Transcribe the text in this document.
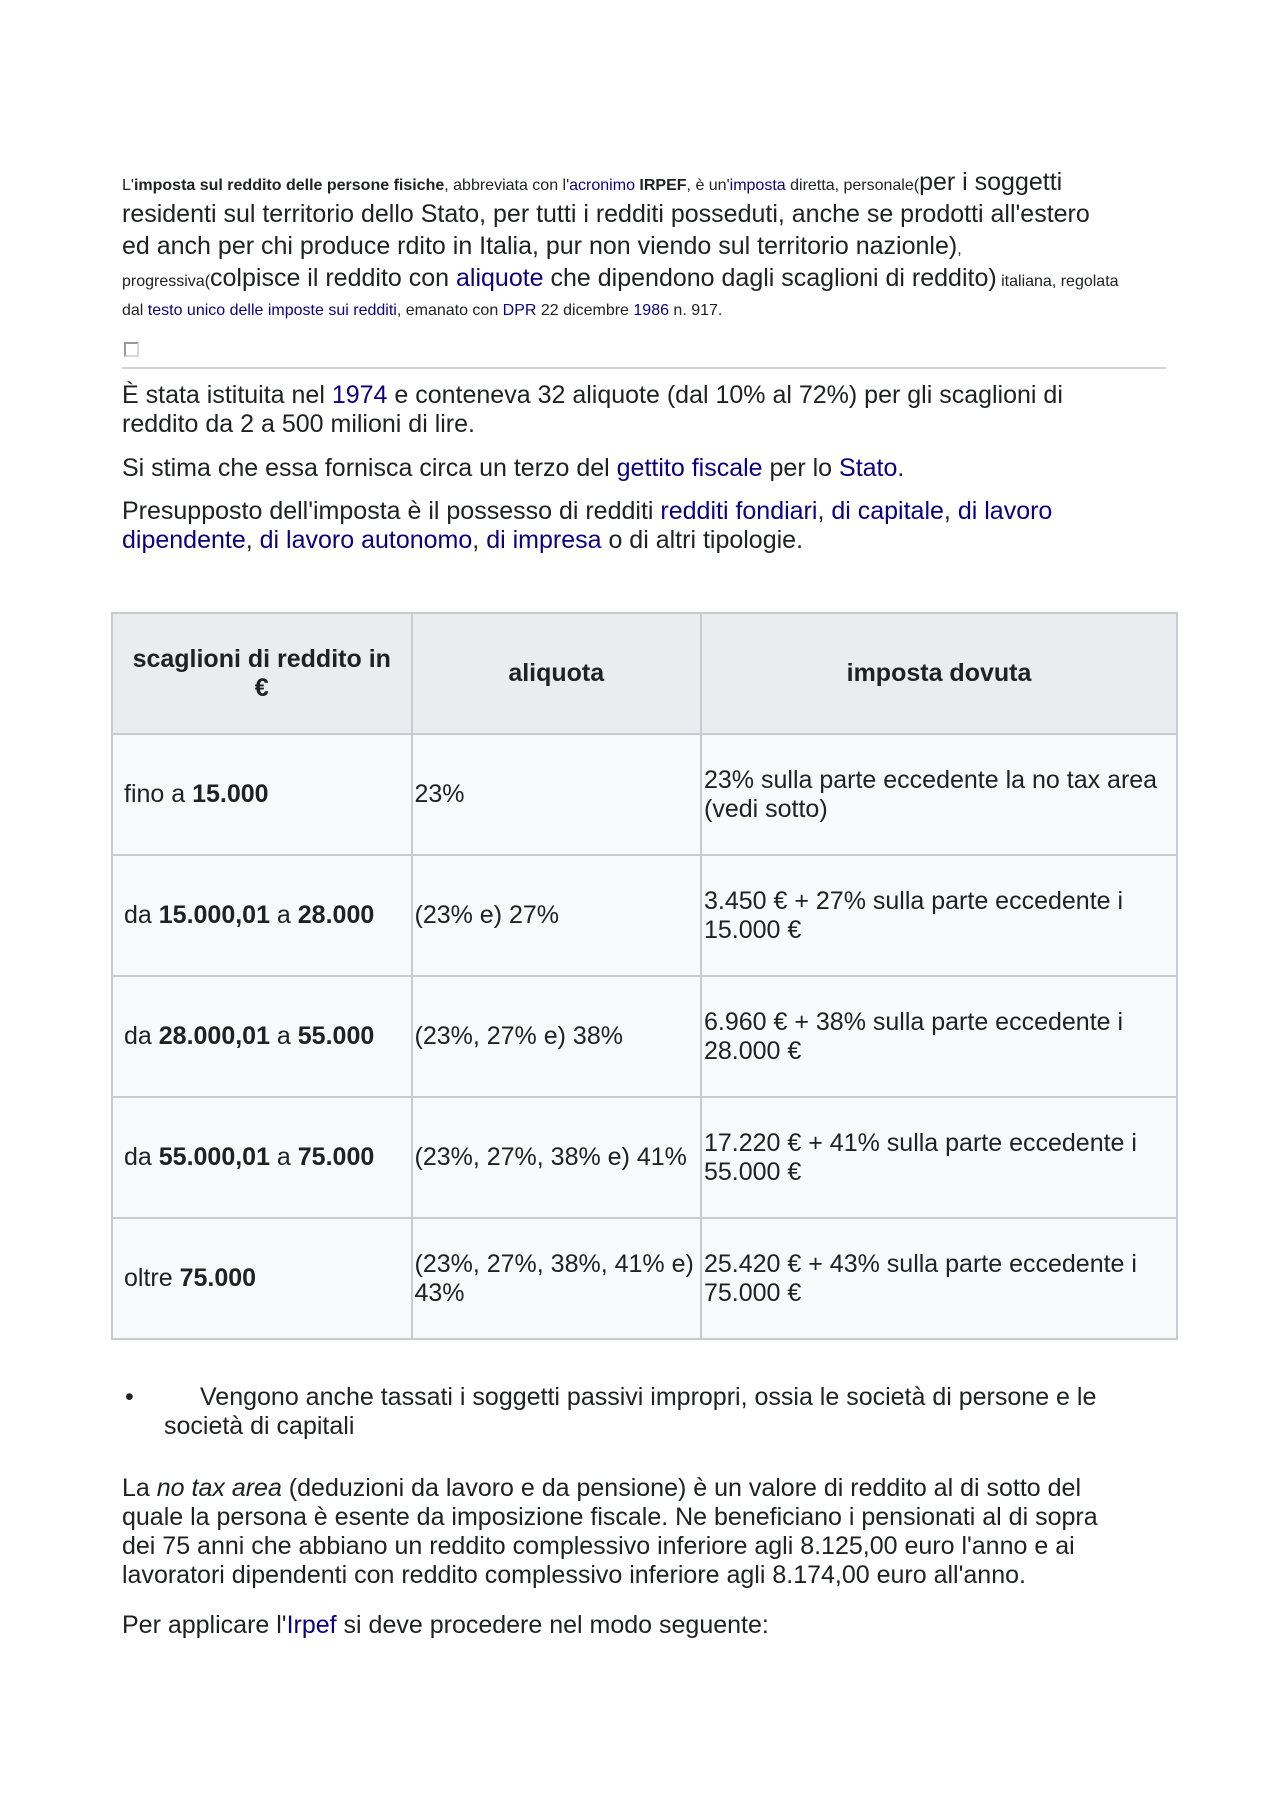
L'imposta sul reddito delle persone fisiche, abbreviata con l'acronimo IRPEF, è un'imposta diretta, personale(per i soggetti residenti sul territorio dello Stato, per tutti i redditi posseduti, anche se prodotti all'estero ed anch per chi produce rdito in Italia, pur non viendo sul territorio nazionle), progressiva(colpisce il reddito con aliquote che dipendono dagli scaglioni di reddito) italiana, regolata dal testo unico delle imposte sui redditi, emanato con DPR 22 dicembre 1986 n. 917.

È stata istituita nel 1974 e conteneva 32 aliquote (dal 10% al 72%) per gli scaglioni di reddito da 2 a 500 milioni di lire.

Si stima che essa fornisca circa un terzo del gettito fiscale per lo Stato.

Presupposto dell'imposta è il possesso di redditi redditi fondiari, di capitale, di lavoro dipendente, di lavoro autonomo, di impresa o di altri tipologie.

scaglioni di reddito in €	aliquota	imposta dovuta
fino a 15.000	23%	23% sulla parte eccedente la no tax area (vedi sotto)
da 15.000,01 a 28.000	(23% e) 27%	3.450 € + 27% sulla parte eccedente i 15.000 €
da 28.000,01 a 55.000	(23%, 27% e) 38%	6.960 € + 38% sulla parte eccedente i 28.000 €
da 55.000,01 a 75.000	(23%, 27%, 38% e) 41%	17.220 € + 41% sulla parte eccedente i 55.000 €
oltre 75.000	(23%, 27%, 38%, 41% e) 43%	25.420 € + 43% sulla parte eccedente i 75.000 €
•	Vengono anche tassati i soggetti passivi impropri, ossia le società di persone e le società di capitali

La no tax area (deduzioni da lavoro e da pensione) è un valore di reddito al di sotto del quale la persona è esente da imposizione fiscale. Ne beneficiano i pensionati al di sopra dei 75 anni che abbiano un reddito complessivo inferiore agli 8.125,00 euro l'anno e ai lavoratori dipendenti con reddito complessivo inferiore agli 8.174,00 euro all'anno.

Per applicare l'Irpef si deve procedere nel modo seguente:
